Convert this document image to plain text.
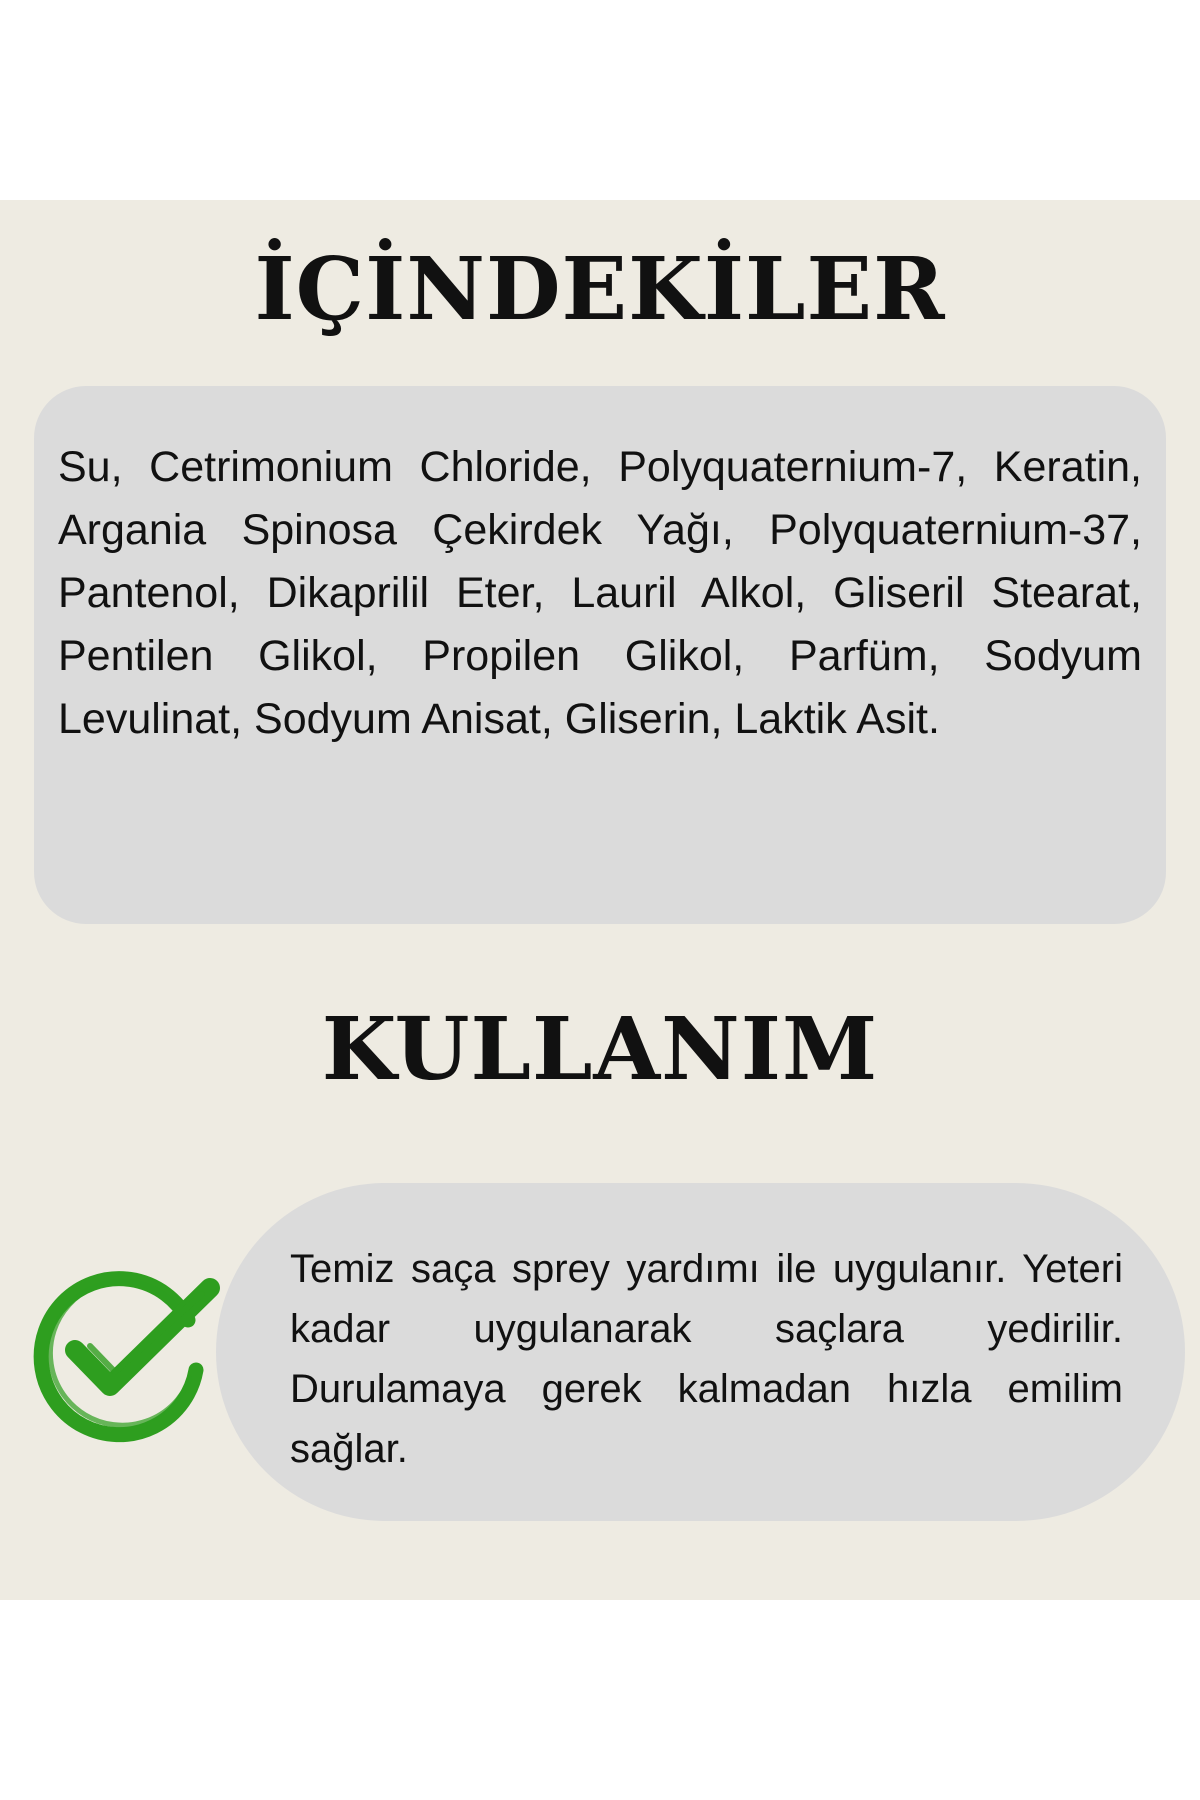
İÇİNDEKİLER

Su, Cetrimonium Chloride, Polyquaternium-7, Keratin, Argania Spinosa Çekirdek Yağı, Polyquaternium-37, Pantenol, Dikaprilil Eter, Lauril Alkol, Gliseril Stearat, Pentilen Glikol, Propilen Glikol, Parfüm, Sodyum Levulinat, Sodyum Anisat, Gliserin, Laktik Asit.

KULLANIM

Temiz saça sprey yardımı ile uygulanır. Yeteri kadar uygulanarak saçlara yedirilir. Durulamaya gerek kalmadan hızla emilim sağlar.
